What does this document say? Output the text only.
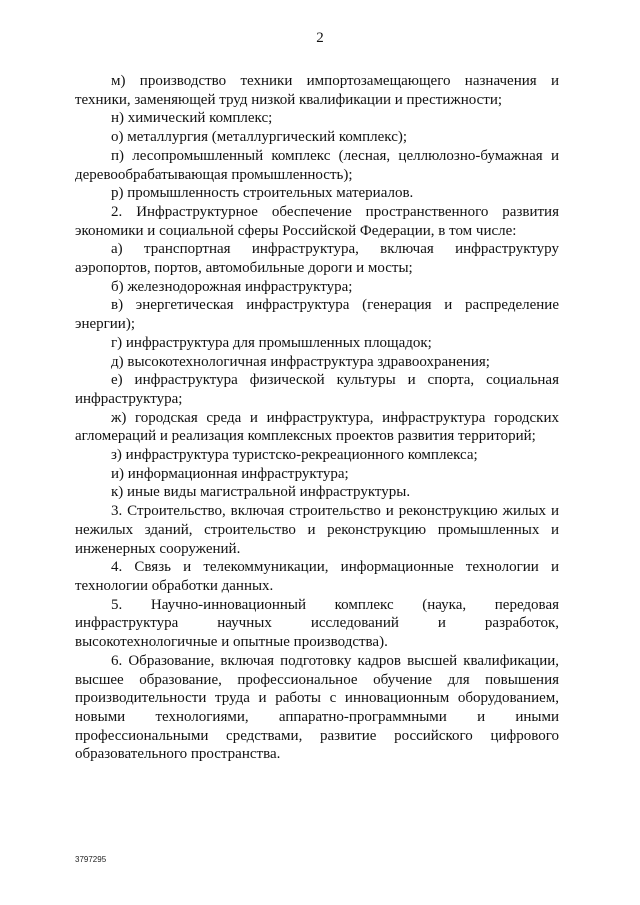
2

м) производство техники импортозамещающего назначения и техники, заменяющей труд низкой квалификации и престижности;

н) химический комплекс;

о) металлургия (металлургический комплекс);

п) лесопромышленный комплекс (лесная, целлюлозно-бумажная и деревообрабатывающая промышленность);

р) промышленность строительных материалов.

2. Инфраструктурное обеспечение пространственного развития экономики и социальной сферы Российской Федерации, в том числе:

а) транспортная инфраструктура, включая инфраструктуру аэропортов, портов, автомобильные дороги и мосты;

б) железнодорожная инфраструктура;

в) энергетическая инфраструктура (генерация и распределение энергии);

г) инфраструктура для промышленных площадок;

д) высокотехнологичная инфраструктура здравоохранения;

е) инфраструктура физической культуры и спорта, социальная инфраструктура;

ж) городская среда и инфраструктура, инфраструктура городских агломераций и реализация комплексных проектов развития территорий;

з) инфраструктура туристско-рекреационного комплекса;

и) информационная инфраструктура;

к) иные виды магистральной инфраструктуры.

3. Строительство, включая строительство и реконструкцию жилых и нежилых зданий, строительство и реконструкцию промышленных и инженерных сооружений.

4. Связь и телекоммуникации, информационные технологии и технологии обработки данных.

5. Научно-инновационный комплекс (наука, передовая инфраструктура научных исследований и разработок, высокотехнологичные и опытные производства).

6. Образование, включая подготовку кадров высшей квалификации, высшее образование, профессиональное обучение для повышения производительности труда и работы с инновационным оборудованием, новыми технологиями, аппаратно-программными и иными профессиональными средствами, развитие российского цифрового образовательного пространства.

3797295
